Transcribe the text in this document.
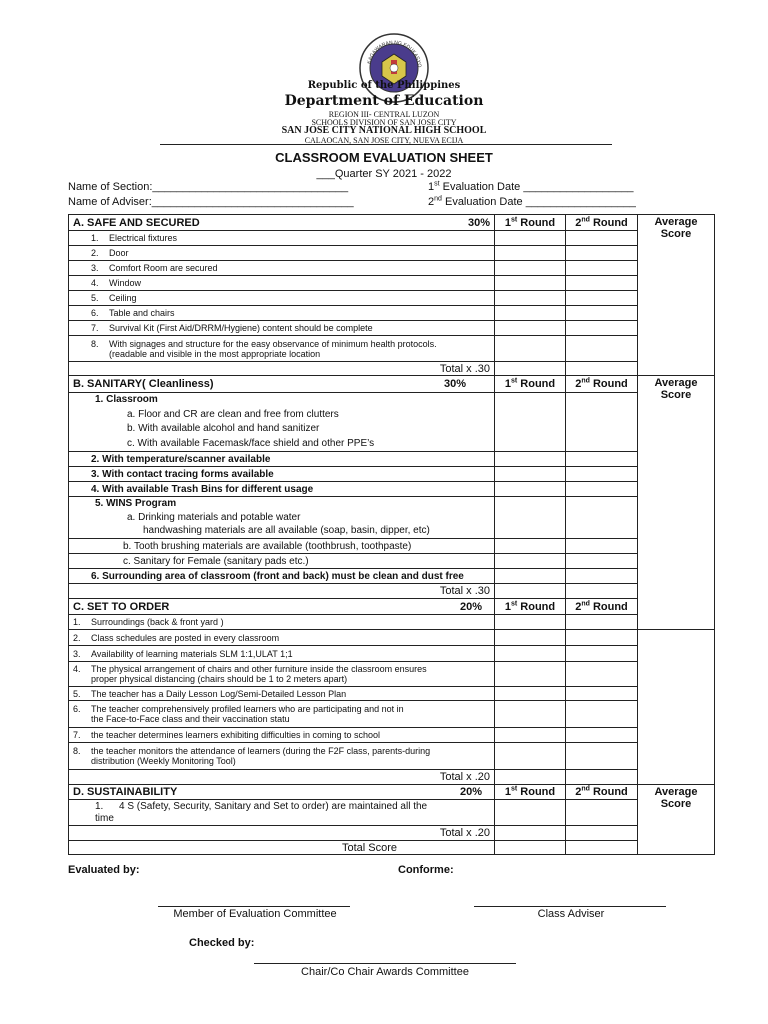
KAGAWARAN NG EDUKASYO
Republic of the Philippines
Department of Education
REGION III- CENTRAL LUZON
SCHOOLS DIVISION OF SAN JOSE CITY
SAN JOSE CITY NATIONAL HIGH SCHOOL
CALAOCAN, SAN JOSE CITY, NUEVA ECIJA
CLASSROOM EVALUATION SHEET
___Quarter SY 2021 - 2022
Name of Section:________________________________
Name of Adviser:_________________________________
1st Evaluation Date __________________
2nd Evaluation Date __________________
A. SAFE AND SECURED 30%	1st Round	2nd Round	Average Score	
1. Electrical fixtures				
2. Door				
3. Comfort Room are secured				
4. Window				
5. Ceiling				
6. Table and chairs				
7. Survival Kit (First Aid/DRRM/Hygiene) content should be complete				
8. With signages and structure for the easy observance of minimum health protocols.
(readable and visible in the most appropriate location				
Total x .30				
B. SANITARY( Cleanliness) 30%	1st Round	2nd Round	Average Score	

1. Classroom
a. Floor and CR are clean and free from clutters
b. With available alcohol and hand sanitizer
c. With available Facemask/face shield and other PPE’s				

2. With temperature/scanner available				
3. With contact tracing forms available				
4. With available Trash Bins for different usage				

5. WINS Program
a. Drinking materials and potable water
handwashing materials are all available (soap, basin, dipper, etc)				

b. Tooth brushing materials are available (toothbrush, toothpaste)				
c. Sanitary for Female (sanitary pads etc.)				
6. Surrounding area of classroom (front and back) must be clean and dust free				
Total x .30				
C. SET TO ORDER 20%	1st Round	2nd Round	
1. Surroundings (back & front yard )				
2. Class schedules are posted in every classroom				
3. Availability of learning materials SLM 1:1,ULAT 1;1				
4. The physical arrangement of chairs and other furniture inside the classroom ensures
proper physical distancing (chairs should be 1 to 2 meters apart)				
5. The teacher has a Daily Lesson Log/Semi-Detailed Lesson Plan				
6. The teacher comprehensively profiled learners who are participating and not in
the Face-to-Face class and their vaccination statu				
7. the teacher determines learners exhibiting difficulties in coming to school				
8. the teacher monitors the attendance of learners (during the F2F class, parents-during
distribution (Weekly Monitoring Tool)				
Total x .20				
D. SUSTAINABILITY 20%	1st Round	2nd Round	Average Score	
1. 4 S (Safety, Security, Sanitary and Set to order) are maintained all the
time				
Total x .20				
Total Score				
Evaluated by:	Conforme:
Member of Evaluation Committee	Class Adviser
Checked by:
Chair/Co Chair Awards Committee
